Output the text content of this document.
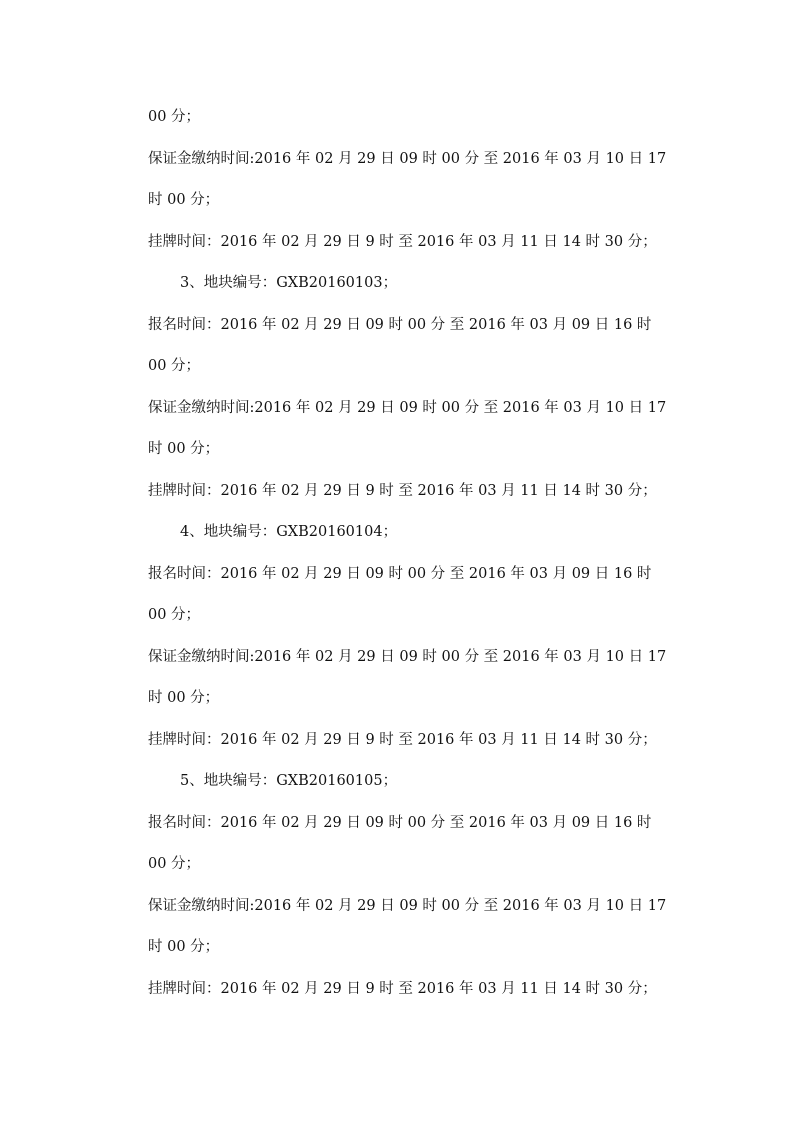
00 分；
保证金缴纳时间:2016 年 02 月 29 日 09 时 00 分 至 2016 年 03 月 10 日 17
时 00 分；
挂牌时间：2016 年 02 月 29 日 9 时 至 2016 年 03 月 11 日 14 时 30 分；
3、地块编号：GXB20160103；
报名时间：2016 年 02 月 29 日 09 时 00 分 至 2016 年 03 月 09 日 16 时
00 分；
保证金缴纳时间:2016 年 02 月 29 日 09 时 00 分 至 2016 年 03 月 10 日 17
时 00 分；
挂牌时间：2016 年 02 月 29 日 9 时 至 2016 年 03 月 11 日 14 时 30 分；
4、地块编号：GXB20160104；
报名时间：2016 年 02 月 29 日 09 时 00 分 至 2016 年 03 月 09 日 16 时
00 分；
保证金缴纳时间:2016 年 02 月 29 日 09 时 00 分 至 2016 年 03 月 10 日 17
时 00 分；
挂牌时间：2016 年 02 月 29 日 9 时 至 2016 年 03 月 11 日 14 时 30 分；
5、地块编号：GXB20160105；
报名时间：2016 年 02 月 29 日 09 时 00 分 至 2016 年 03 月 09 日 16 时
00 分；
保证金缴纳时间:2016 年 02 月 29 日 09 时 00 分 至 2016 年 03 月 10 日 17
时 00 分；
挂牌时间：2016 年 02 月 29 日 9 时 至 2016 年 03 月 11 日 14 时 30 分；
